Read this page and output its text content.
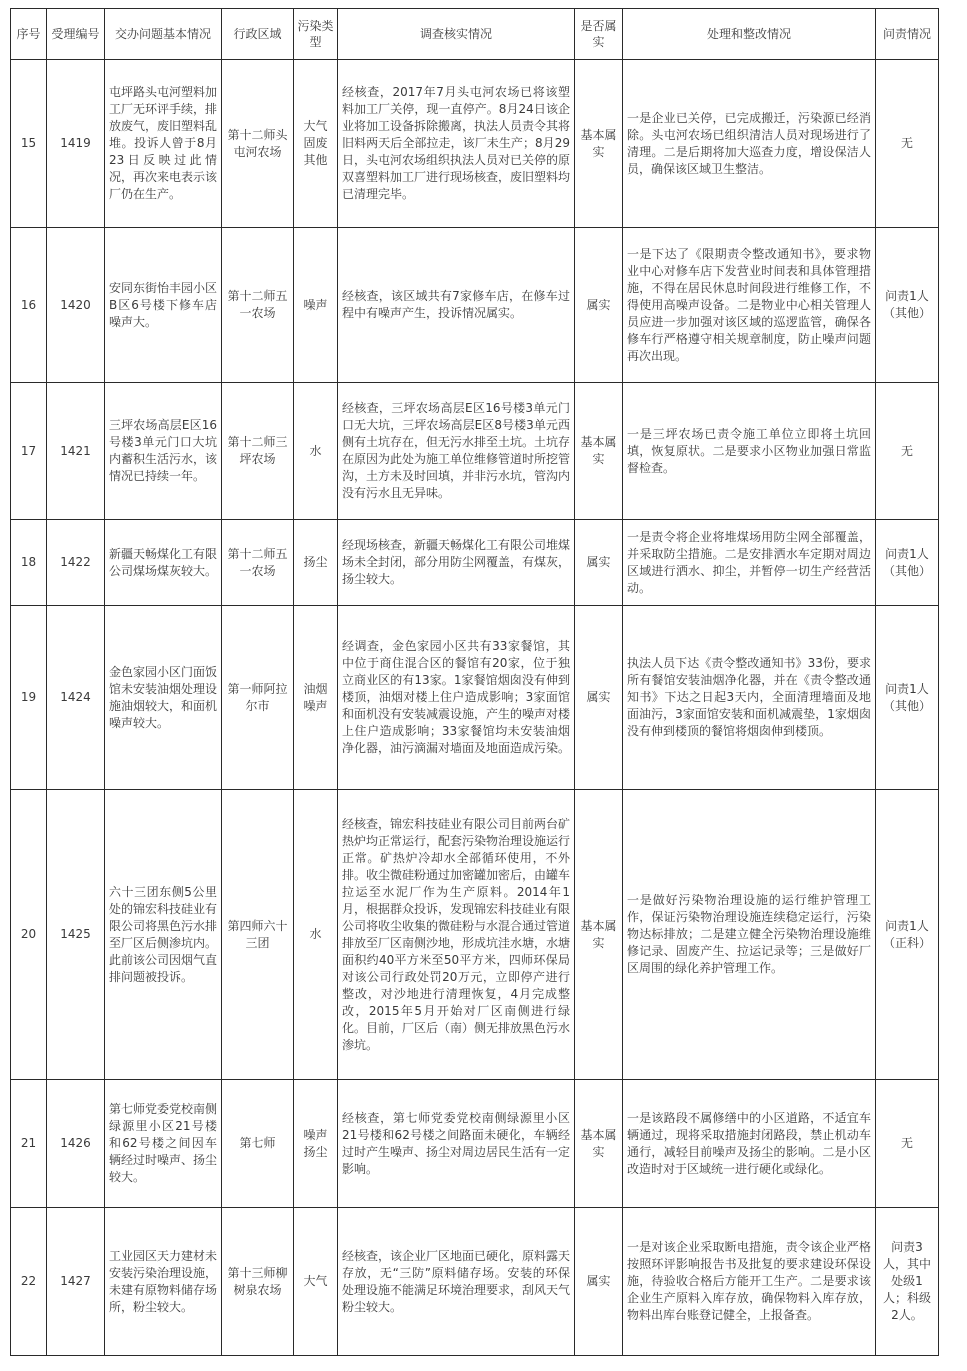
序号	受理编号	交办问题基本情况	行政区域	污染类型	调查核实情况	是否属实	处理和整改情况	问责情况
15	1419	屯坪路头屯河塑料加工厂无环评手续，排放废气，废旧塑料乱堆。投诉人曾于8月23日反映过此情况，再次来电表示该厂仍在生产。	第十二师头屯河农场	大气固废其他	经核查，2017年7月头屯河农场已将该塑料加工厂关停，现一直停产。8月24日该企业将加工设备拆除搬离，执法人员责令其将旧料两天后全部拉走，该厂未生产；8月29日，头屯河农场组织执法人员对已关停的原双喜塑料加工厂进行现场核查，废旧塑料均已清理完毕。	基本属实	一是企业已关停，已完成搬迁，污染源已经消除。头屯河农场已组织清洁人员对现场进行了清理。二是后期将加大巡查力度，增设保洁人员，确保该区域卫生整洁。	无
16	1420	安同东街怡丰园小区B区6号楼下修车店噪声大。	第十二师五一农场	噪声	经核查，该区域共有7家修车店，在修车过程中有噪声产生，投诉情况属实。	属实	一是下达了《限期责令整改通知书》，要求物业中心对修车店下发营业时间表和具体管理措施，不得在居民休息时间段进行维修工作，不得使用高噪声设备。二是物业中心相关管理人员应进一步加强对该区域的巡逻监管，确保各修车行严格遵守相关规章制度，防止噪声问题再次出现。	问责1人（其他）
17	1421	三坪农场高层E区16号楼3单元门口大坑内蓄积生活污水，该情况已持续一年。	第十二师三坪农场	水	经核查，三坪农场高层E区16号楼3单元门口无大坑，三坪农场高层E区8号楼3单元西侧有土坑存在，但无污水排至土坑。土坑存在原因为此处为施工单位维修管道时所挖管沟，土方未及时回填，并非污水坑，管沟内没有污水且无异味。	基本属实	一是三坪农场已责令施工单位立即将土坑回填，恢复原状。二是要求小区物业加强日常监督检查。	无
18	1422	新疆天畅煤化工有限公司煤场煤灰较大。	第十二师五一农场	扬尘	经现场核查，新疆天畅煤化工有限公司堆煤场未全封闭，部分用防尘网覆盖，有煤灰，扬尘较大。	属实	一是责令将企业将堆煤场用防尘网全部覆盖，并采取防尘措施。二是安排洒水车定期对周边区域进行洒水、抑尘，并暂停一切生产经营活动。	问责1人（其他）
19	1424	金色家园小区门面饭馆未安装油烟处理设施油烟较大，和面机噪声较大。	第一师阿拉尔市	油烟噪声	经调查，金色家园小区共有33家餐馆，其中位于商住混合区的餐馆有20家，位于独立商业区的有13家。1家餐馆烟囱没有伸到楼顶，油烟对楼上住户造成影响；3家面馆和面机没有安装减震设施，产生的噪声对楼上住户造成影响；33家餐馆均未安装油烟净化器，油污滴漏对墙面及地面造成污染。	属实	执法人员下达《责令整改通知书》33份，要求所有餐馆安装油烟净化器，并在《责令整改通知书》下达之日起3天内，全面清理墙面及地面油污，3家面馆安装和面机减震垫，1家烟囱没有伸到楼顶的餐馆将烟囱伸到楼顶。	问责1人（其他）
20	1425	六十三团东侧5公里处的锦宏科技硅业有限公司将黑色污水排至厂区后侧渗坑内。此前该公司因烟气直排问题被投诉。	第四师六十三团	水	经核查，锦宏科技硅业有限公司目前两台矿热炉均正常运行，配套污染物治理设施运行正常。矿热炉冷却水全部循环使用，不外排。收尘微硅粉通过加密罐加密后，由罐车拉运至水泥厂作为生产原料。2014年1月，根据群众投诉，发现锦宏科技硅业有限公司将收尘收集的微硅粉与水混合通过管道排放至厂区南侧沙地，形成坑洼水塘，水塘面积约40平方米至50平方米，四师环保局对该公司行政处罚20万元，立即停产进行整改，对沙地进行清理恢复，4月完成整改，2015年5月开始对厂区南侧进行绿化。目前，厂区后（南）侧无排放黑色污水渗坑。	基本属实	一是做好污染物治理设施的运行维护管理工作，保证污染物治理设施连续稳定运行，污染物达标排放；二是建立健全污染物治理设施维修记录、固废产生、拉运记录等；三是做好厂区周围的绿化养护管理工作。	问责1人（正科）
21	1426	第七师党委党校南侧绿源里小区21号楼和62号楼之间因车辆经过时噪声、扬尘较大。	第七师	噪声扬尘	经核查，第七师党委党校南侧绿源里小区21号楼和62号楼之间路面未硬化，车辆经过时产生噪声、扬尘对周边居民生活有一定影响。	基本属实	一是该路段不属修缮中的小区道路，不适宜车辆通过，现将采取措施封闭路段，禁止机动车通行，减轻目前噪声及扬尘的影响。二是小区改造时对于区域统一进行硬化或绿化。	无
22	1427	工业园区天力建材未安装污染治理设施，未建有原物料储存场所，粉尘较大。	第十三师柳树泉农场	大气	经核查，该企业厂区地面已硬化，原料露天存放，无“三防”原料储存场。安装的环保处理设施不能满足环境治理要求，刮风天气粉尘较大。	属实	一是对该企业采取断电措施，责令该企业严格按照环评影响报告书及批复的要求建设环保设施，待验收合格后方能开工生产。二是要求该企业生产原料入库存放，确保物料入库存放，物料出库台账登记健全，上报备查。	问责3人，其中处级1人；科级2人。
